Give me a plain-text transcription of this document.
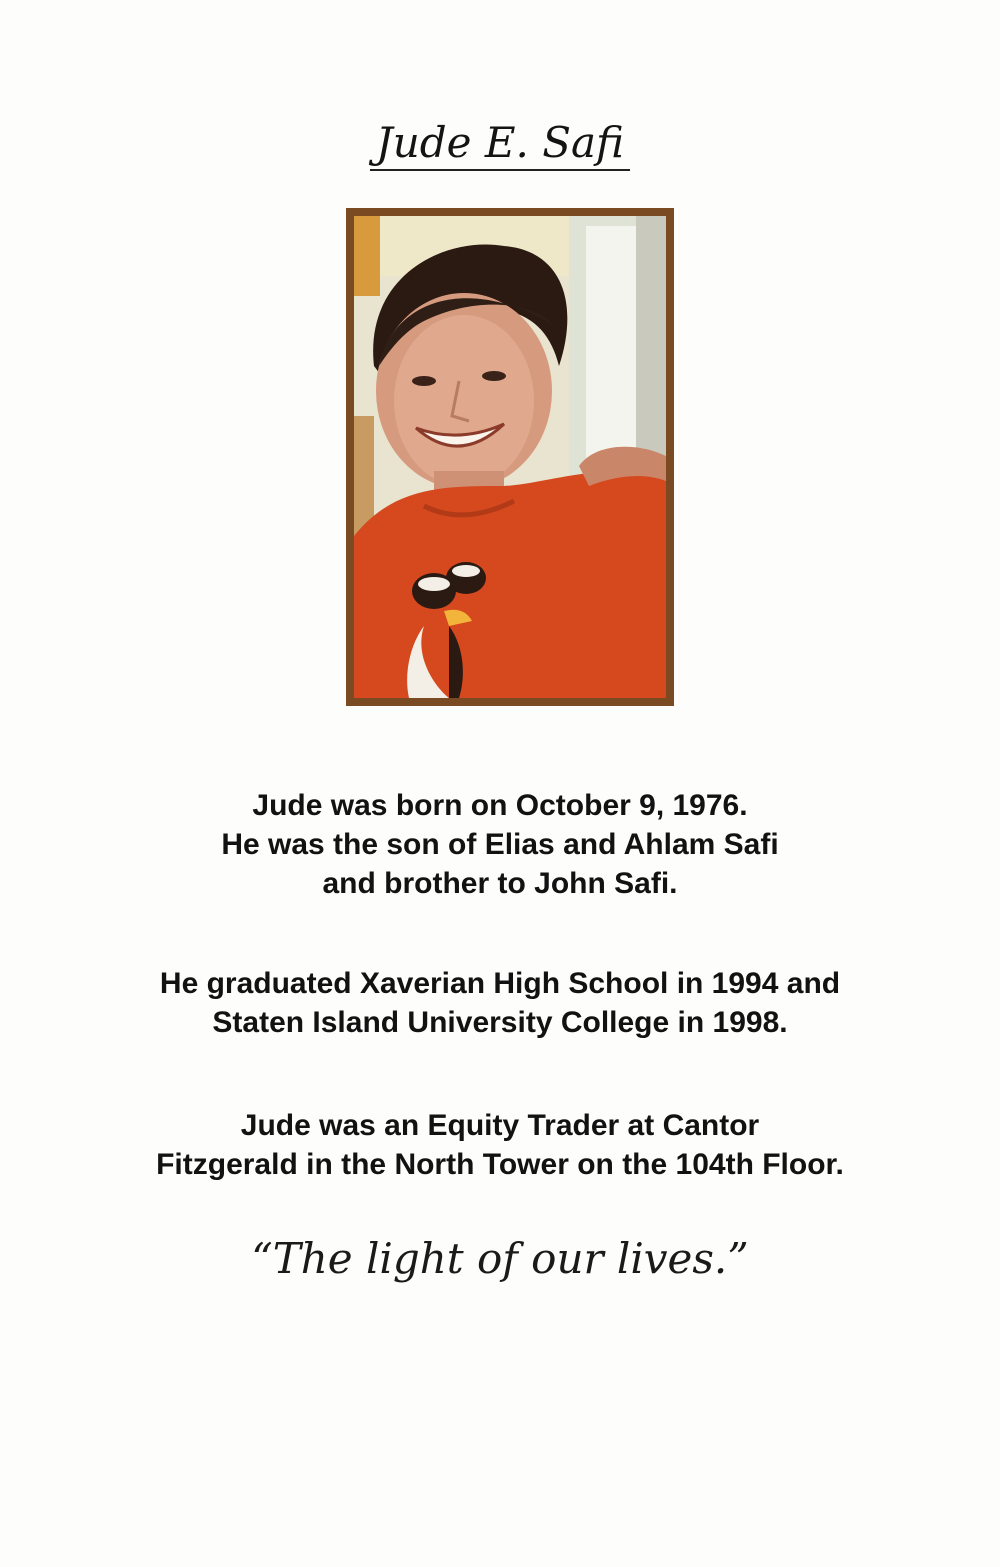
Jude E. Safi
Jude was born on October 9, 1976.
He was the son of Elias and Ahlam Safi
and brother to John Safi.
He graduated Xaverian High School in 1994 and
Staten Island University College in 1998.
Jude was an Equity Trader at Cantor
Fitzgerald in the North Tower on the 104th Floor.
“The light of our lives.”
